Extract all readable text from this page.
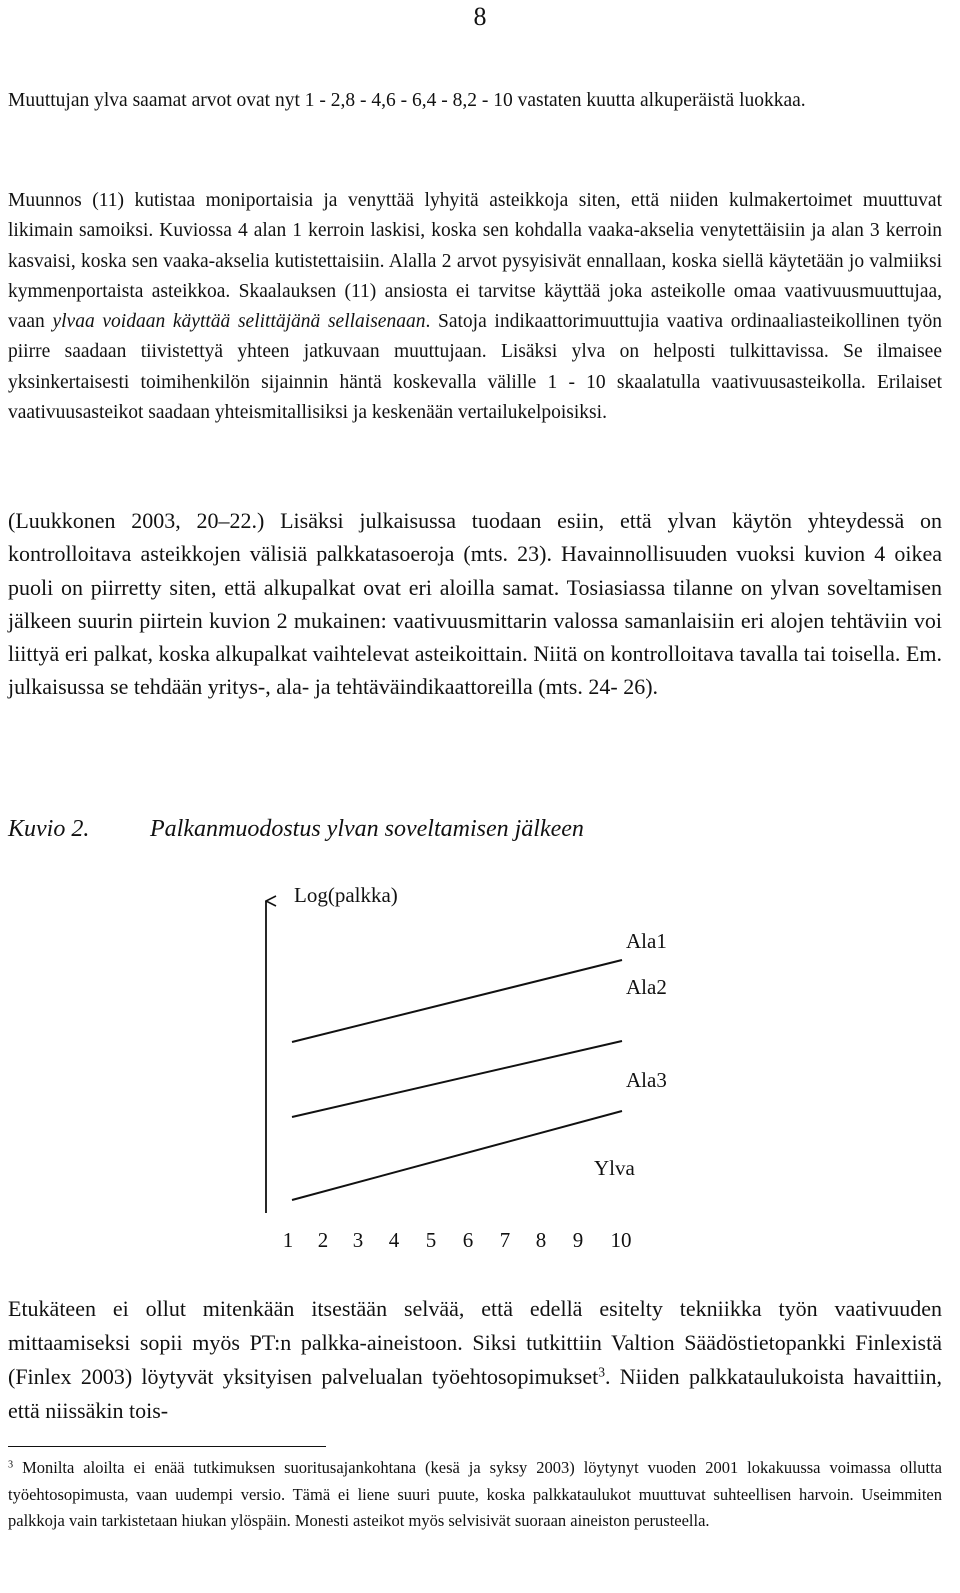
8

Muuttujan ylva saamat arvot ovat nyt 1 - 2,8 - 4,6 - 6,4 - 8,2 - 10 vastaten kuutta alkuperäistä luokkaa.

Muunnos (11) kutistaa moniportaisia ja venyttää lyhyitä asteikkoja siten, että niiden kulmakertoimet muuttuvat likimain samoiksi. Kuviossa 4 alan 1 kerroin laskisi, koska sen kohdalla vaaka-akselia venytettäisiin ja alan 3 kerroin kasvaisi, koska sen vaaka-akselia kutistettaisiin. Alalla 2 arvot pysyisivät ennallaan, koska siellä käytetään jo valmiiksi kymmenportaista asteikkoa. Skaalauksen (11) ansiosta ei tarvitse käyttää joka asteikolle omaa vaativuusmuuttujaa, vaan ylvaa voidaan käyttää selittäjänä sellaisenaan. Satoja indikaattorimuuttujia vaativa ordinaaliasteikollinen työn piirre saadaan tiivistettyä yhteen jatkuvaan muuttujaan. Lisäksi ylva on helposti tulkittavissa. Se ilmaisee yksinkertaisesti toimihenkilön sijainnin häntä koskevalla välille 1 - 10 skaalatulla vaativuusasteikolla. Erilaiset vaativuusasteikot saadaan yhteismitallisiksi ja keskenään vertailukelpoisiksi.

(Luukkonen 2003, 20–22.) Lisäksi julkaisussa tuodaan esiin, että ylvan käytön yhteydessä on kontrolloitava asteikkojen välisiä palkkatasoeroja (mts. 23). Havainnollisuuden vuoksi kuvion 4 oikea puoli on piirretty siten, että alkupalkat ovat eri aloilla samat. Tosiasiassa tilanne on ylvan soveltamisen jälkeen suurin piirtein kuvion 2 mukainen: vaativuusmittarin valossa samanlaisiin eri alojen tehtäviin voi liittyä eri palkat, koska alkupalkat vaihtelevat asteikoittain. Niitä on kontrolloitava tavalla tai toisella. Em. julkaisussa se tehdään yritys-, ala- ja tehtäväindikaattoreilla (mts. 24- 26).

Kuvio 2.	Palkanmuodostus ylvan soveltamisen jälkeen
Log(palkka)
Ala1
Ala2
Ala3
Ylva
1 2 3 4 5 6 7 8 9 10

Etukäteen ei ollut mitenkään itsestään selvää, että edellä esitelty tekniikka työn vaativuuden mittaamiseksi sopii myös PT:n palkka-aineistoon. Siksi tutkittiin Valtion Säädöstietopankki Finlexistä (Finlex 2003) löytyvät yksityisen palvelualan työehtosopimukset$^3$. Niiden palkkataulukoista havaittiin, että niissäkin tois-

$^3$ Monilta aloilta ei enää tutkimuksen suoritusajankohtana (kesä ja syksy 2003) löytynyt vuoden 2001 lokakuussa voimassa ollutta työehtosopimusta, vaan uudempi versio. Tämä ei liene suuri puute, koska palkkataulukot muuttuvat suhteellisen harvoin. Useimmiten palkkoja vain tarkistetaan hiukan ylöspäin. Monesti asteikot myös selvisivät suoraan aineiston perusteella.
